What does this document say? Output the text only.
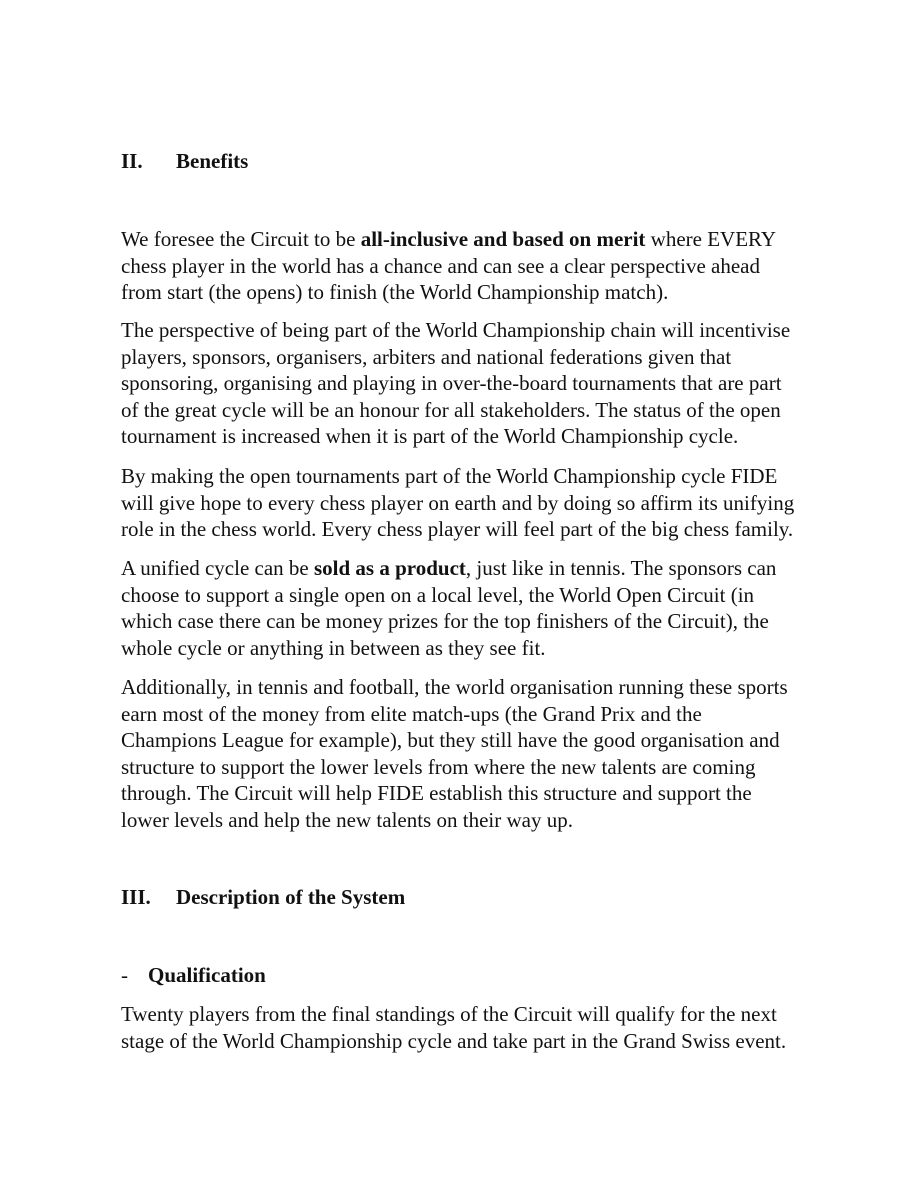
II. Benefits

We foresee the Circuit to be all-inclusive and based on merit where EVERY
chess player in the world has a chance and can see a clear perspective ahead
from start (the opens) to finish (the World Championship match).

The perspective of being part of the World Championship chain will incentivise
players, sponsors, organisers, arbiters and national federations given that
sponsoring, organising and playing in over-the-board tournaments that are part
of the great cycle will be an honour for all stakeholders. The status of the open
tournament is increased when it is part of the World Championship cycle.

By making the open tournaments part of the World Championship cycle FIDE
will give hope to every chess player on earth and by doing so affirm its unifying
role in the chess world. Every chess player will feel part of the big chess family.

A unified cycle can be sold as a product, just like in tennis. The sponsors can
choose to support a single open on a local level, the World Open Circuit (in
which case there can be money prizes for the top finishers of the Circuit), the
whole cycle or anything in between as they see fit.

Additionally, in tennis and football, the world organisation running these sports
earn most of the money from elite match-ups (the Grand Prix and the
Champions League for example), but they still have the good organisation and
structure to support the lower levels from where the new talents are coming
through. The Circuit will help FIDE establish this structure and support the
lower levels and help the new talents on their way up.

III. Description of the System
- Qualification

Twenty players from the final standings of the Circuit will qualify for the next
stage of the World Championship cycle and take part in the Grand Swiss event.
